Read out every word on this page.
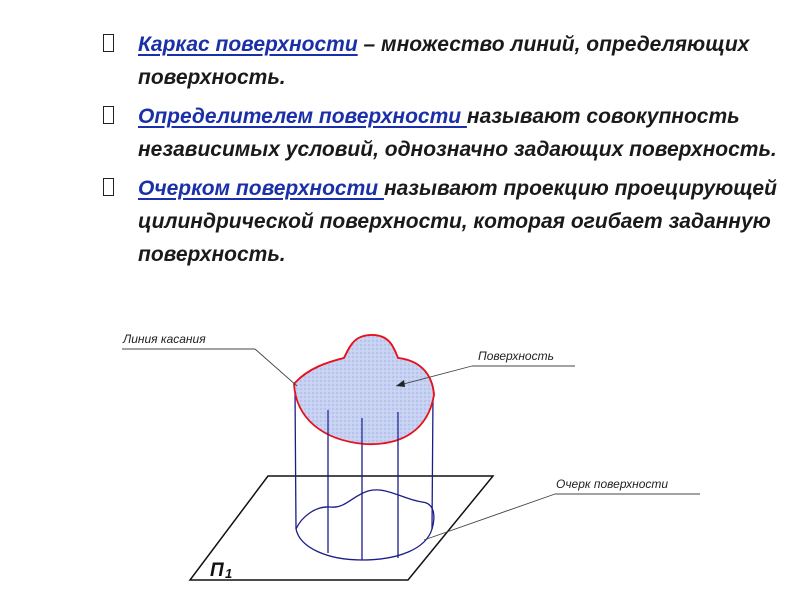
Каркас поверхности – множество линий, определяющих поверхность.
Определителем поверхности называют совокупность независимых условий, однозначно задающих поверхность.
Очерком поверхности называют проекцию проецирующей цилиндрической поверхности, которая огибает заданную поверхность.
Линия касания
Поверхность
Очерк поверхности
П 1
